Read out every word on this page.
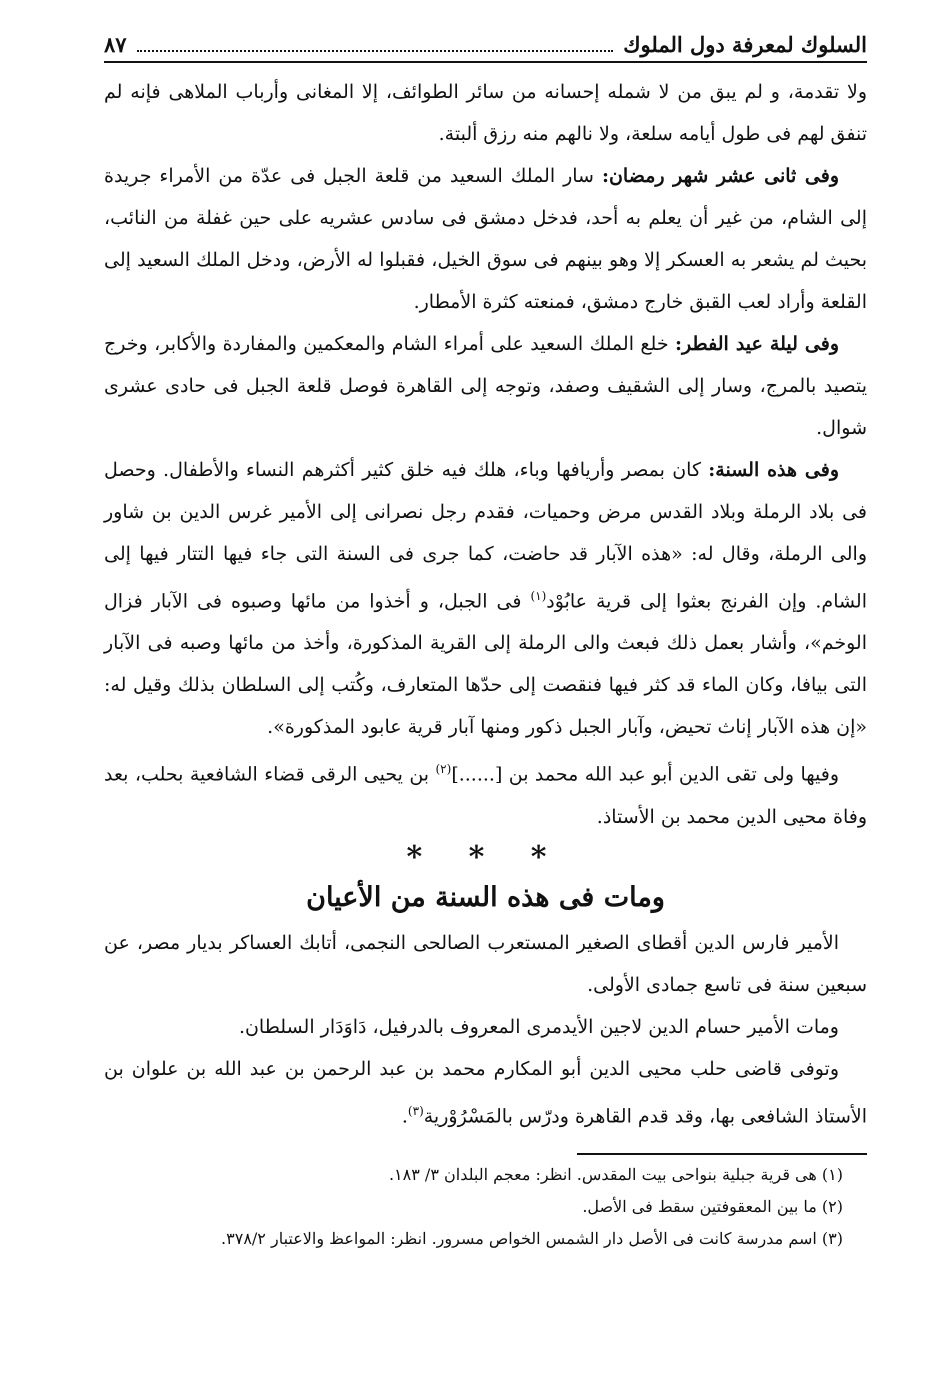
السلوك لمعرفة دول الملوك
٨٧

ولا تقدمة، و لم يبق من لا شمله إحسانه من سائر الطوائف، إلا المغانى وأرباب الملاهى فإنه لم تنفق لهم فى طول أيامه سلعة، ولا نالهم منه رزق ألبتة.

وفى ثانى عشر شهر رمضان: سار الملك السعيد من قلعة الجبل فى عدّة من الأمراء جريدة إلى الشام، من غير أن يعلم به أحد، فدخل دمشق فى سادس عشريه على حين غفلة من النائب، بحيث لم يشعر به العسكر إلا وهو بينهم فى سوق الخيل، فقبلوا له الأرض، ودخل الملك السعيد إلى القلعة وأراد لعب القبق خارج دمشق، فمنعته كثرة الأمطار.

وفى ليلة عيد الفطر: خلع الملك السعيد على أمراء الشام والمعكمين والمفاردة والأكابر، وخرج يتصيد بالمرج، وسار إلى الشقيف وصفد، وتوجه إلى القاهرة فوصل قلعة الجبل فى حادى عشرى شوال.

وفى هذه السنة: كان بمصر وأريافها وباء، هلك فيه خلق كثير أكثرهم النساء والأطفال. وحصل فى بلاد الرملة وبلاد القدس مرض وحميات، فقدم رجل نصرانى إلى الأمير غرس الدين بن شاور والى الرملة، وقال له: «هذه الآبار قد حاضت، كما جرى فى السنة التى جاء فيها التتار فيها إلى الشام. وإن الفرنج بعثوا إلى قرية عابُوْد$^{(١)}$ فى الجبل، و أخذوا من مائها وصبوه فى الآبار فزال الوخم»، وأشار بعمل ذلك فبعث والى الرملة إلى القرية المذكورة، وأخذ من مائها وصبه فى الآبار التى بيافا، وكان الماء قد كثر فيها فنقصت إلى حدّها المتعارف، وكُتب إلى السلطان بذلك وقيل له: «إن هذه الآبار إناث تحيض، وآبار الجبل ذكور ومنها آبار قرية عابود المذكورة».

وفيها ولى تقى الدين أبو عبد الله محمد بن [......]$^{(٢)}$ بن يحيى الرقى قضاء الشافعية بحلب، بعد وفاة محيى الدين محمد بن الأستاذ.

* * *
ومات فى هذه السنة من الأعيان

الأمير فارس الدين أقطاى الصغير المستعرب الصالحى النجمى، أتابك العساكر بديار مصر، عن سبعين سنة فى تاسع جمادى الأولى.

ومات الأمير حسام الدين لاجين الأيدمرى المعروف بالدرفيل، دَاوَدَار السلطان.

وتوفى قاضى حلب محيى الدين أبو المكارم محمد بن عبد الرحمن بن عبد الله بن علوان بن الأستاذ الشافعى بها، وقد قدم القاهرة ودرّس بالمَسْرُوْرية$^{(٣)}$.

(١) هى قرية جبلية بنواحى بيت المقدس. انظر: معجم البلدان ٣/ ١٨٣.

(٢) ما بين المعقوفتين سقط فى الأصل.

(٣) اسم مدرسة كانت فى الأصل دار الشمس الخواص مسرور. انظر: المواعظ والاعتبار ٣٧٨/٢.
